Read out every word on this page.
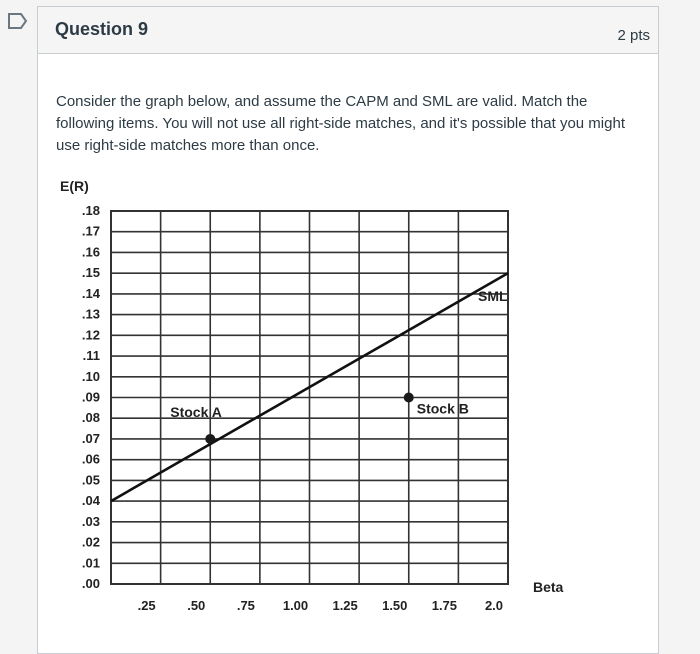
Question 9	2 pts
Consider the graph below, and assume the CAPM and SML are valid. Match the following items. You will not use all right-side matches, and it's possible that you might use right-side matches more than once.
E(R)
Beta
.18
.17
.16
.15
.14
.13
.12
.11
.10
.09
.08
.07
.06
.05
.04
.03
.02
.01
.00
.25 .50 .75 1.00 1.25 1.50 1.75 2.0
SML
Stock A	Stock B
